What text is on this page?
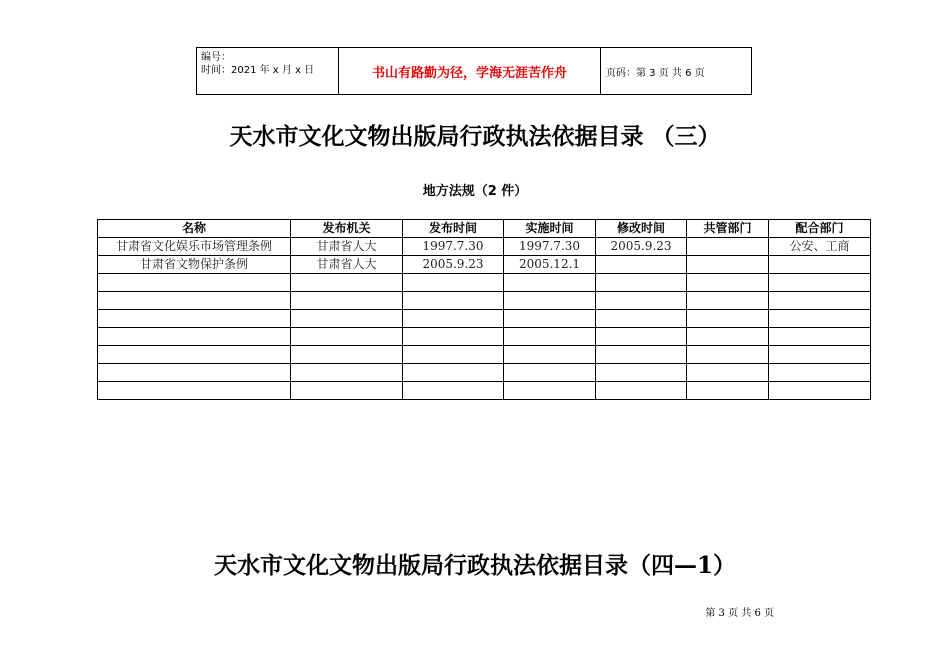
编号：
时间：2021 年 x 月 x 日	书山有路勤为径，学海无涯苦作舟	页码：第 3 页 共 6 页
天水市文化文物出版局行政执法依据目录 （三）
地方法规（2 件）
名称	发布机关	发布时间	实施时间	修改时间	共管部门	配合部门
甘肃省文化娱乐市场管理条例	甘肃省人大	1997.7.30	1997.7.30	2005.9.23		公安、工商
甘肃省文物保护条例	甘肃省人大	2005.9.23	2005.12.1			

天水市文化文物出版局行政执法依据目录（四—1）
第 3 页 共 6 页
